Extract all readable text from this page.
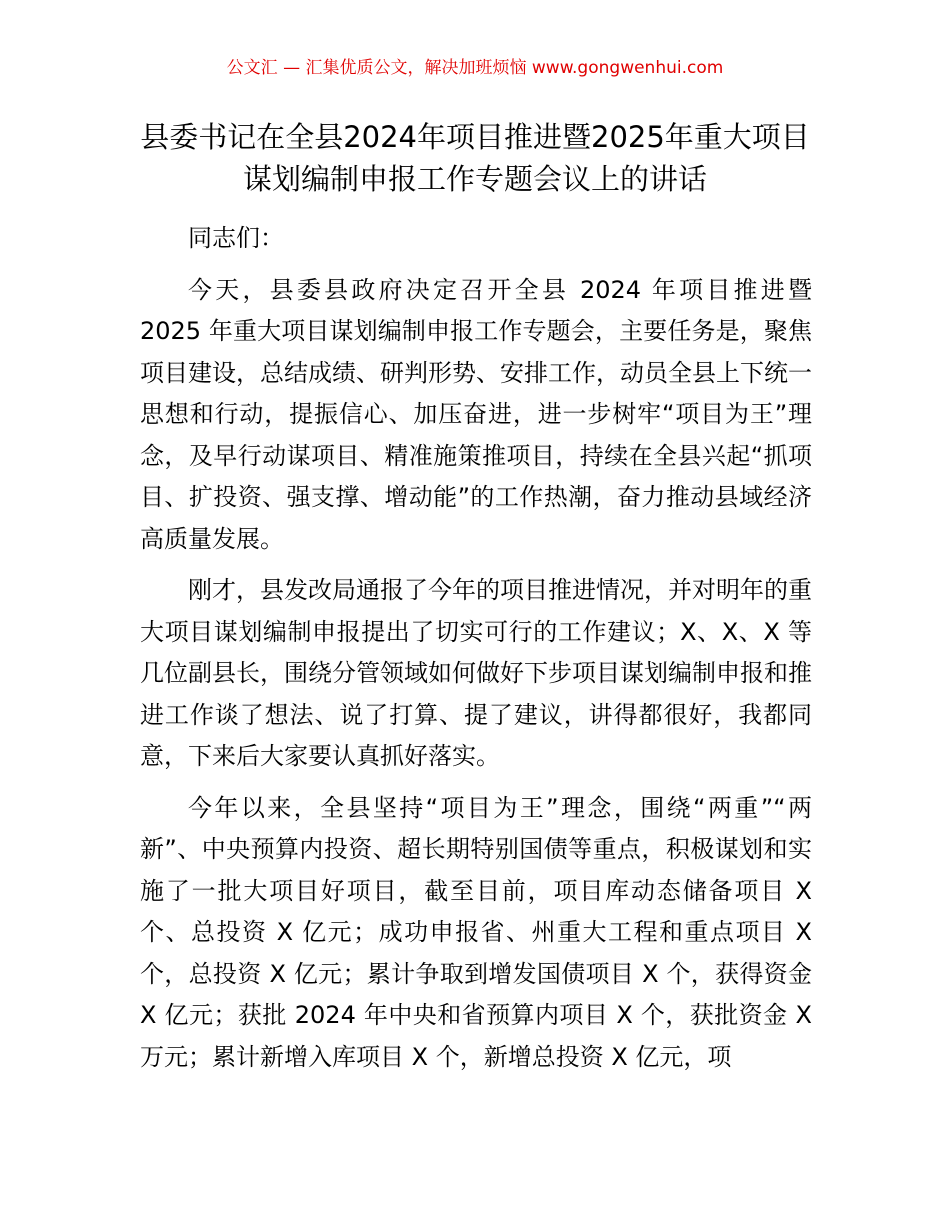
公文汇 — 汇集优质公文，解决加班烦恼 www.gongwenhui.com
县委书记在全县2024年项目推进暨2025年重大项目谋划编制申报工作专题会议上的讲话

同志们：

今天，县委县政府决定召开全县 2024 年项目推进暨 2025 年重大项目谋划编制申报工作专题会，主要任务是，聚焦项目建设，总结成绩、研判形势、安排工作，动员全县上下统一思想和行动，提振信心、加压奋进，进一步树牢“项目为王”理念，及早行动谋项目、精准施策推项目，持续在全县兴起“抓项目、扩投资、强支撑、增动能”的工作热潮，奋力推动县域经济高质量发展。

刚才，县发改局通报了今年的项目推进情况，并对明年的重大项目谋划编制申报提出了切实可行的工作建议；X、X、X 等几位副县长，围绕分管领域如何做好下步项目谋划编制申报和推进工作谈了想法、说了打算、提了建议，讲得都很好，我都同意，下来后大家要认真抓好落实。

今年以来，全县坚持“项目为王”理念，围绕“两重”“两新”、中央预算内投资、超长期特别国债等重点，积极谋划和实施了一批大项目好项目，截至目前，项目库动态储备项目 X 个、总投资 X 亿元；成功申报省、州重大工程和重点项目 X 个，总投资 X 亿元；累计争取到增发国债项目 X 个，获得资金 X 亿元；获批 2024 年中央和省预算内项目 X 个，获批资金 X 万元；累计新增入库项目 X 个，新增总投资 X 亿元，项
